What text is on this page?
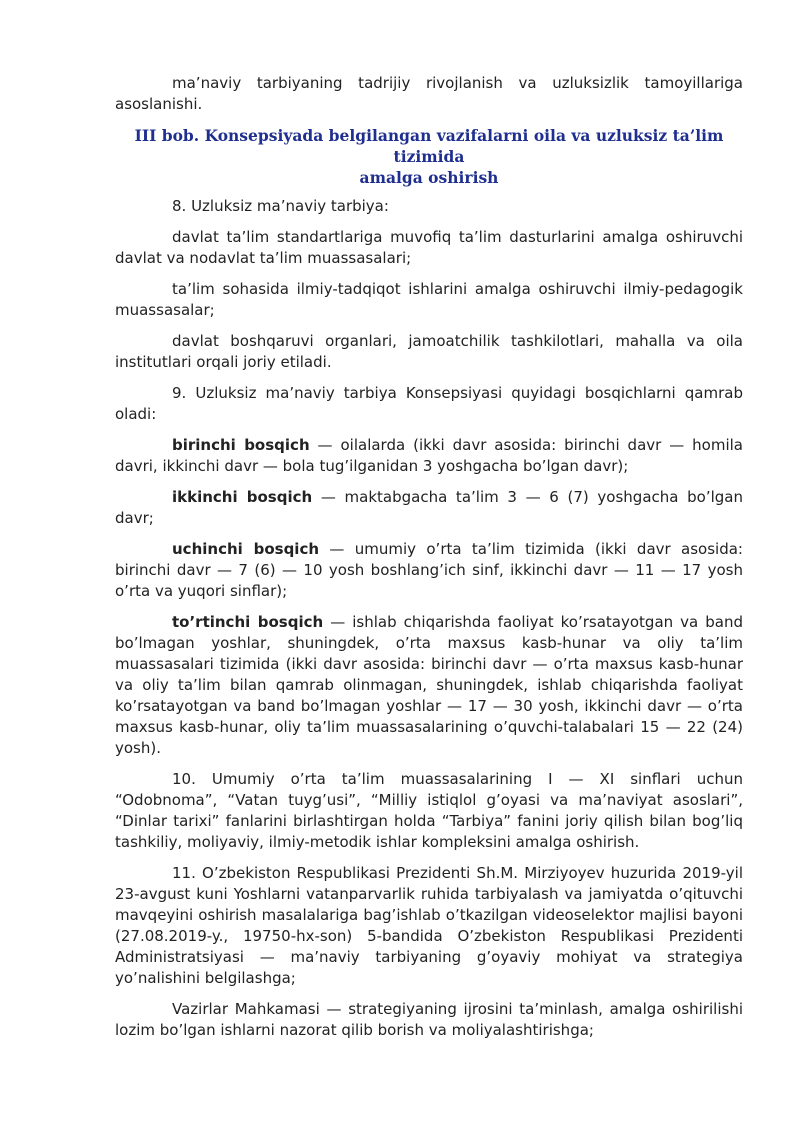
ma’naviy tarbiyaning tadrijiy rivojlanish va uzluksizlik tamoyillariga asoslanishi.

III bob. Konsepsiyada belgilangan vazifalarni oila va uzluksiz ta’lim tizimida
amalga oshirish

8. Uzluksiz ma’naviy tarbiya:

davlat ta’lim standartlariga muvofiq ta’lim dasturlarini amalga oshiruvchi davlat va nodavlat ta’lim muassasalari;

ta’lim sohasida ilmiy-tadqiqot ishlarini amalga oshiruvchi ilmiy-pedagogik muassasalar;

davlat boshqaruvi organlari, jamoatchilik tashkilotlari, mahalla va oila institutlari orqali joriy etiladi.

9. Uzluksiz ma’naviy tarbiya Konsepsiyasi quyidagi bosqichlarni qamrab oladi:

birinchi bosqich — oilalarda (ikki davr asosida: birinchi davr — homila davri, ikkinchi davr — bola tug’ilganidan 3 yoshgacha bo’lgan davr);

ikkinchi bosqich — maktabgacha ta’lim 3 — 6 (7) yoshgacha bo’lgan davr;

uchinchi bosqich — umumiy o’rta ta’lim tizimida (ikki davr asosida: birinchi davr — 7 (6) — 10 yosh boshlang’ich sinf, ikkinchi davr — 11 — 17 yosh o’rta va yuqori sinflar);

to’rtinchi bosqich — ishlab chiqarishda faoliyat ko’rsatayotgan va band bo’lmagan yoshlar, shuningdek, o’rta maxsus kasb-hunar va oliy ta’lim muassasalari tizimida (ikki davr asosida: birinchi davr — o’rta maxsus kasb-hunar va oliy ta’lim bilan qamrab olinmagan, shuningdek, ishlab chiqarishda faoliyat ko’rsatayotgan va band bo’lmagan yoshlar — 17 — 30 yosh, ikkinchi davr — o’rta maxsus kasb-hunar, oliy ta’lim muassasalarining o’quvchi-talabalari 15 — 22 (24) yosh).

10. Umumiy o’rta ta’lim muassasalarining I — XI sinflari uchun “Odobnoma”, “Vatan tuyg’usi”, “Milliy istiqlol g’oyasi va ma’naviyat asoslari”, “Dinlar tarixi” fanlarini birlashtirgan holda “Tarbiya” fanini joriy qilish bilan bog’liq tashkiliy, moliyaviy, ilmiy-metodik ishlar kompleksini amalga oshirish.

11. O’zbekiston Respublikasi Prezidenti Sh.M. Mirziyoyev huzurida 2019-yil 23-avgust kuni Yoshlarni vatanparvarlik ruhida tarbiyalash va jamiyatda o’qituvchi mavqeyini oshirish masalalariga bag’ishlab o’tkazilgan videoselektor majlisi bayoni (27.08.2019-y., 19750-hx-son) 5-bandida O’zbekiston Respublikasi Prezidenti Administratsiyasi — ma’naviy tarbiyaning g’oyaviy mohiyat va strategiya yo’nalishini belgilashga;

Vazirlar Mahkamasi — strategiyaning ijrosini ta’minlash, amalga oshirilishi lozim bo’lgan ishlarni nazorat qilib borish va moliyalashtirishga;
